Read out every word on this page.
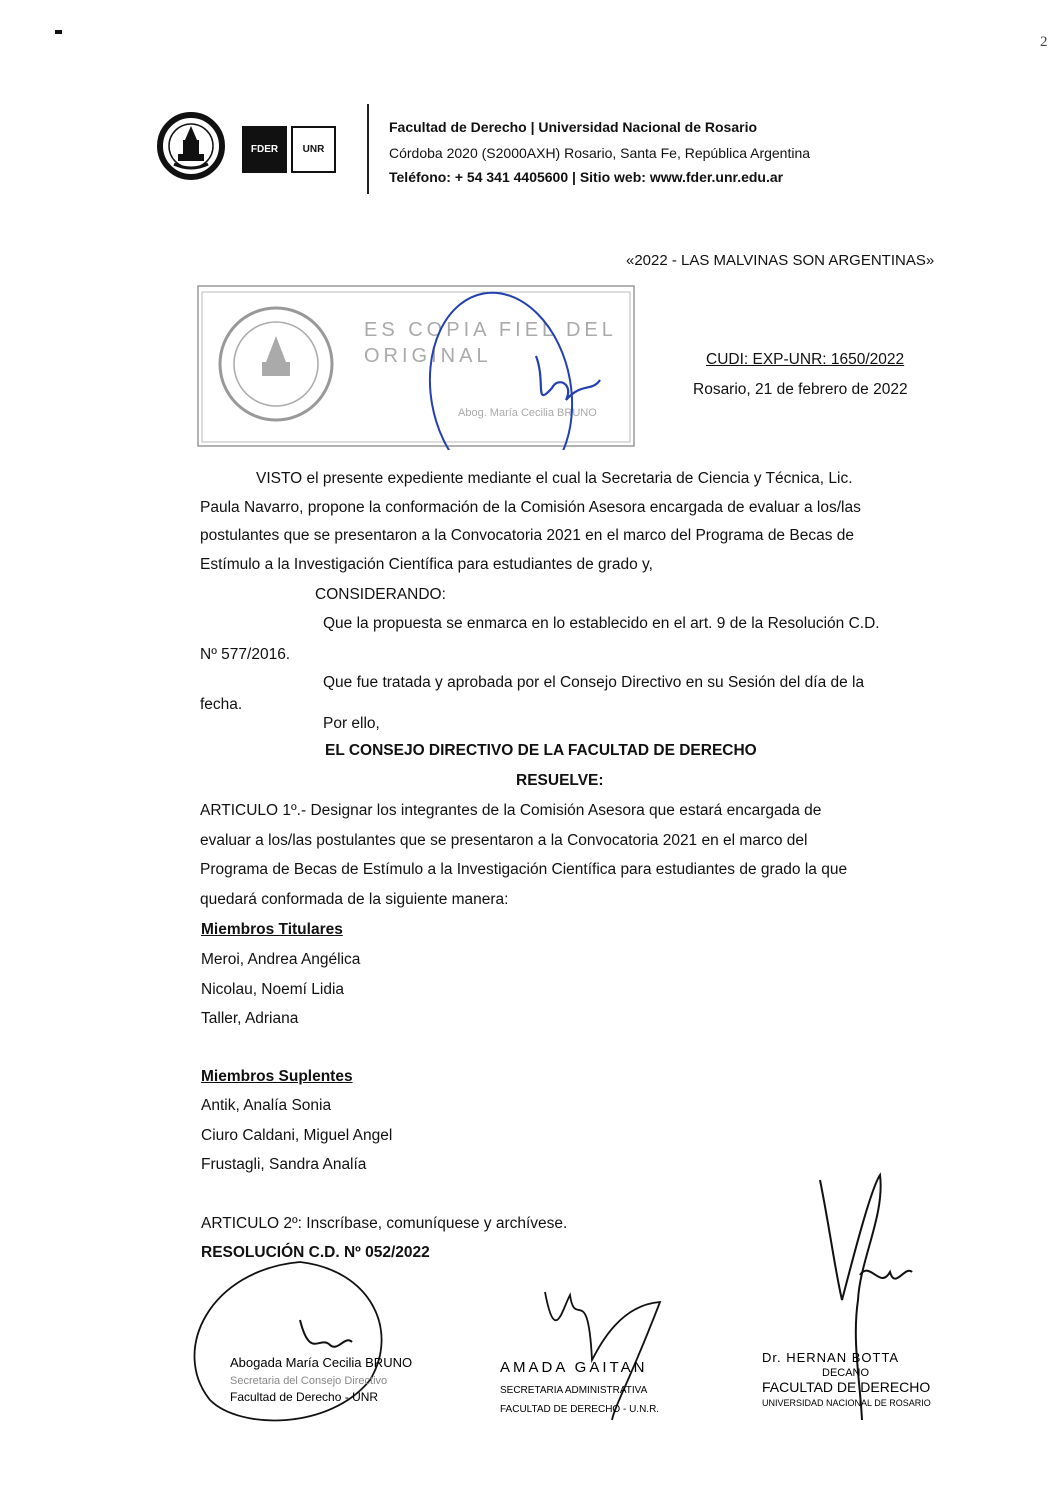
2
FDER	UNR
Facultad de Derecho | Universidad Nacional de Rosario
Córdoba 2020 (S2000AXH) Rosario, Santa Fe, República Argentina
Teléfono: + 54 341 4405600 | Sitio web: www.fder.unr.edu.ar
«2022 - LAS MALVINAS SON ARGENTINAS»
ES COPIA FIEL DEL
ORIGINAL
Abog. María Cecilia BRUNO
CUDI: EXP-UNR: 1650/2022
Rosario, 21 de febrero de 2022
VISTO el presente expediente mediante el cual la Secretaria de Ciencia y Técnica, Lic.
Paula Navarro, propone la conformación de la Comisión Asesora encargada de evaluar a los/las
postulantes que se presentaron a la Convocatoria 2021 en el marco del Programa de Becas de
Estímulo a la Investigación Científica para estudiantes de grado y,
CONSIDERANDO:
Que la propuesta se enmarca en lo establecido en el art. 9 de la Resolución C.D.
Nº 577/2016.
Que fue tratada y aprobada por el Consejo Directivo en su Sesión del día de la
fecha.
Por ello,
EL CONSEJO DIRECTIVO DE LA FACULTAD DE DERECHO
RESUELVE:
ARTICULO 1º.- Designar los integrantes de la Comisión Asesora que estará encargada de
evaluar a los/las postulantes que se presentaron a la Convocatoria 2021 en el marco del
Programa de Becas de Estímulo a la Investigación Científica para estudiantes de grado la que
quedará conformada de la siguiente manera:
Miembros Titulares
Meroi, Andrea Angélica
Nicolau, Noemí Lidia
Taller, Adriana
Miembros Suplentes
Antik, Analía Sonia
Ciuro Caldani, Miguel Angel
Frustagli, Sandra Analía
ARTICULO 2º: Inscríbase, comuníquese y archívese.
RESOLUCIÓN C.D. Nº 052/2022
Abogada María Cecilia BRUNO
Secretaria del Consejo Directivo
Facultad de Derecho - UNR
AMADA GAITAN
SECRETARIA ADMINISTRATIVA
FACULTAD DE DERECHO - U.N.R.
Dr. HERNAN BOTTA
DECANO
FACULTAD DE DERECHO
UNIVERSIDAD NACIONAL DE ROSARIO
